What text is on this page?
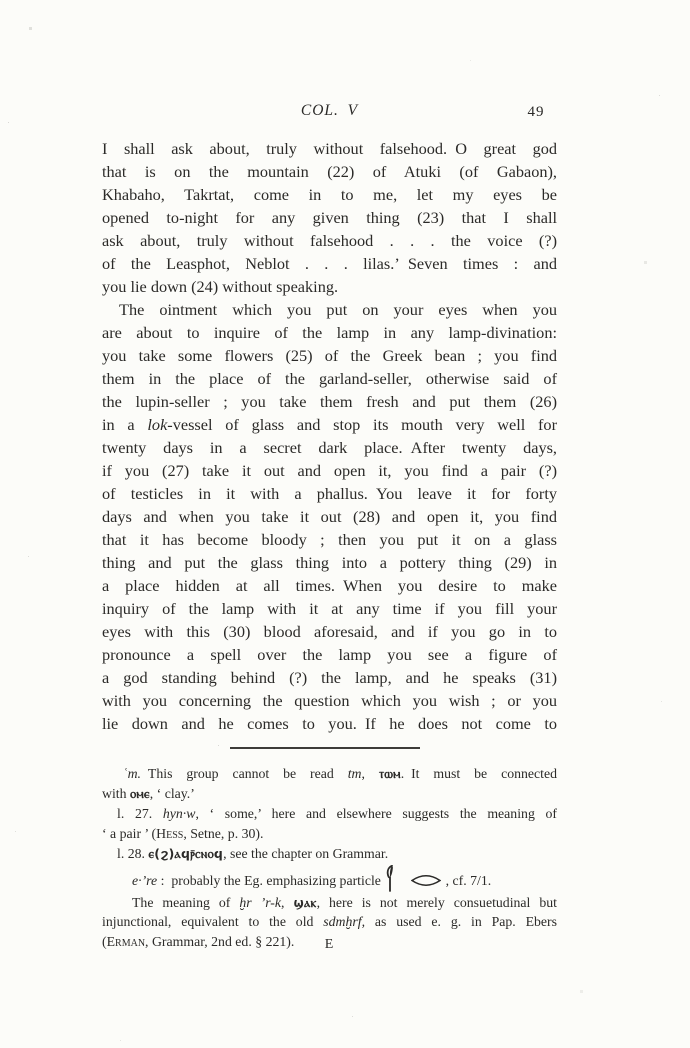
COL. V	49
I shall ask about, truly without falsehood. O great god
that is on the mountain (22) of Atuki (of Gabaon),
Khabaho, Takrtat, come in to me, let my eyes be
opened to-night for any given thing (23) that I shall
ask about, truly without falsehood . . . the voice (?)
of the Leasphot, Neblot . . . lilas.’ Seven times : and
you lie down (24) without speaking.
The ointment which you put on your eyes when you
are about to inquire of the lamp in any lamp-divination:
you take some flowers (25) of the Greek bean ; you find
them in the place of the garland-seller, otherwise said of
the lupin-seller ; you take them fresh and put them (26)
in a lok-vessel of glass and stop its mouth very well for
twenty days in a secret dark place. After twenty days,
if you (27) take it out and open it, you find a pair (?)
of testicles in it with a phallus. You leave it for forty
days and when you take it out (28) and open it, you find
that it has become bloody ; then you put it on a glass
thing and put the glass thing into a pottery thing (29) in
a place hidden at all times. When you desire to make
inquiry of the lamp with it at any time if you fill your
eyes with this (30) blood aforesaid, and if you go in to
pronounce a spell over the lamp you see a figure of
a god standing behind (?) the lamp, and he speaks (31)
with you concerning the question which you wish ; or you
lie down and he comes to you. If he does not come to
ʿm. This group cannot be read tm, ⲧⲱⲙ. It must be connected
with ⲟⲙⲉ, ‘ clay.’
l. 27. hyn·w, ‘ some,’ here and elsewhere suggests the meaning of
‘ a pair ’ (Hess, Setne, p. 30).
l. 28. ⲉ(ϩ)ⲁϥⲣ̄ⲥⲛⲟϥ, see the chapter on Grammar.
e·’re : probably the Eg. emphasizing particle   	, cf. 7/1.
The meaning of ḫr ’r-k, ϣⲁⲕ, here is not merely consuetudinal but
injunctional, equivalent to the old sdmḫrf, as used e. g. in Pap. Ebers
(Erman, Grammar, 2nd ed. § 221).	E
